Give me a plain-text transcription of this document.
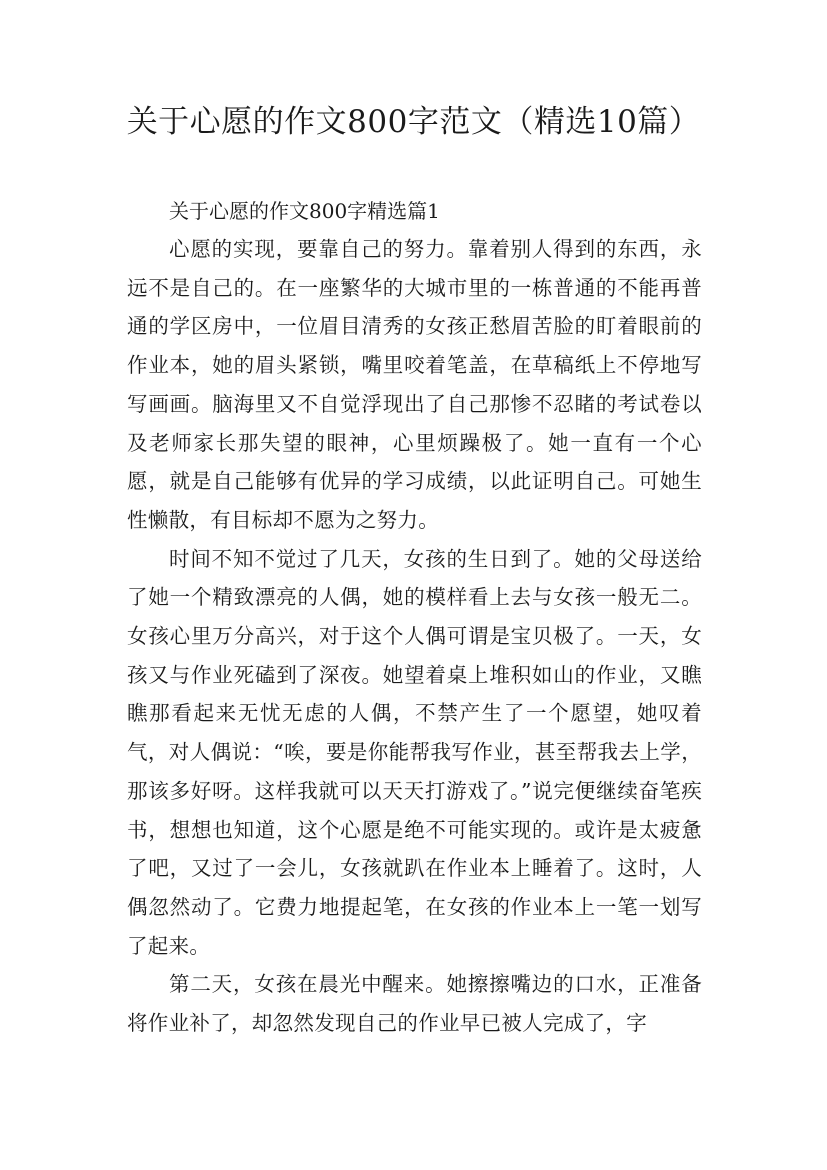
关于心愿的作文800字范文（精选10篇）
关于心愿的作文800字精选篇1

心愿的实现，要靠自己的努力。靠着别人得到的东西，永远不是自己的。在一座繁华的大城市里的一栋普通的不能再普通的学区房中，一位眉目清秀的女孩正愁眉苦脸的盯着眼前的作业本，她的眉头紧锁，嘴里咬着笔盖，在草稿纸上不停地写写画画。脑海里又不自觉浮现出了自己那惨不忍睹的考试卷以及老师家长那失望的眼神，心里烦躁极了。她一直有一个心愿，就是自己能够有优异的学习成绩，以此证明自己。可她生性懒散，有目标却不愿为之努力。

时间不知不觉过了几天，女孩的生日到了。她的父母送给了她一个精致漂亮的人偶，她的模样看上去与女孩一般无二。女孩心里万分高兴，对于这个人偶可谓是宝贝极了。一天，女孩又与作业死磕到了深夜。她望着桌上堆积如山的作业，又瞧瞧那看起来无忧无虑的人偶，不禁产生了一个愿望，她叹着气，对人偶说：“唉，要是你能帮我写作业，甚至帮我去上学，那该多好呀。这样我就可以天天打游戏了。”说完便继续奋笔疾书，想想也知道，这个心愿是绝不可能实现的。或许是太疲惫了吧，又过了一会儿，女孩就趴在作业本上睡着了。这时，人偶忽然动了。它费力地提起笔，在女孩的作业本上一笔一划写了起来。

第二天，女孩在晨光中醒来。她擦擦嘴边的口水，正准备将作业补了，却忽然发现自己的作业早已被人完成了，字
